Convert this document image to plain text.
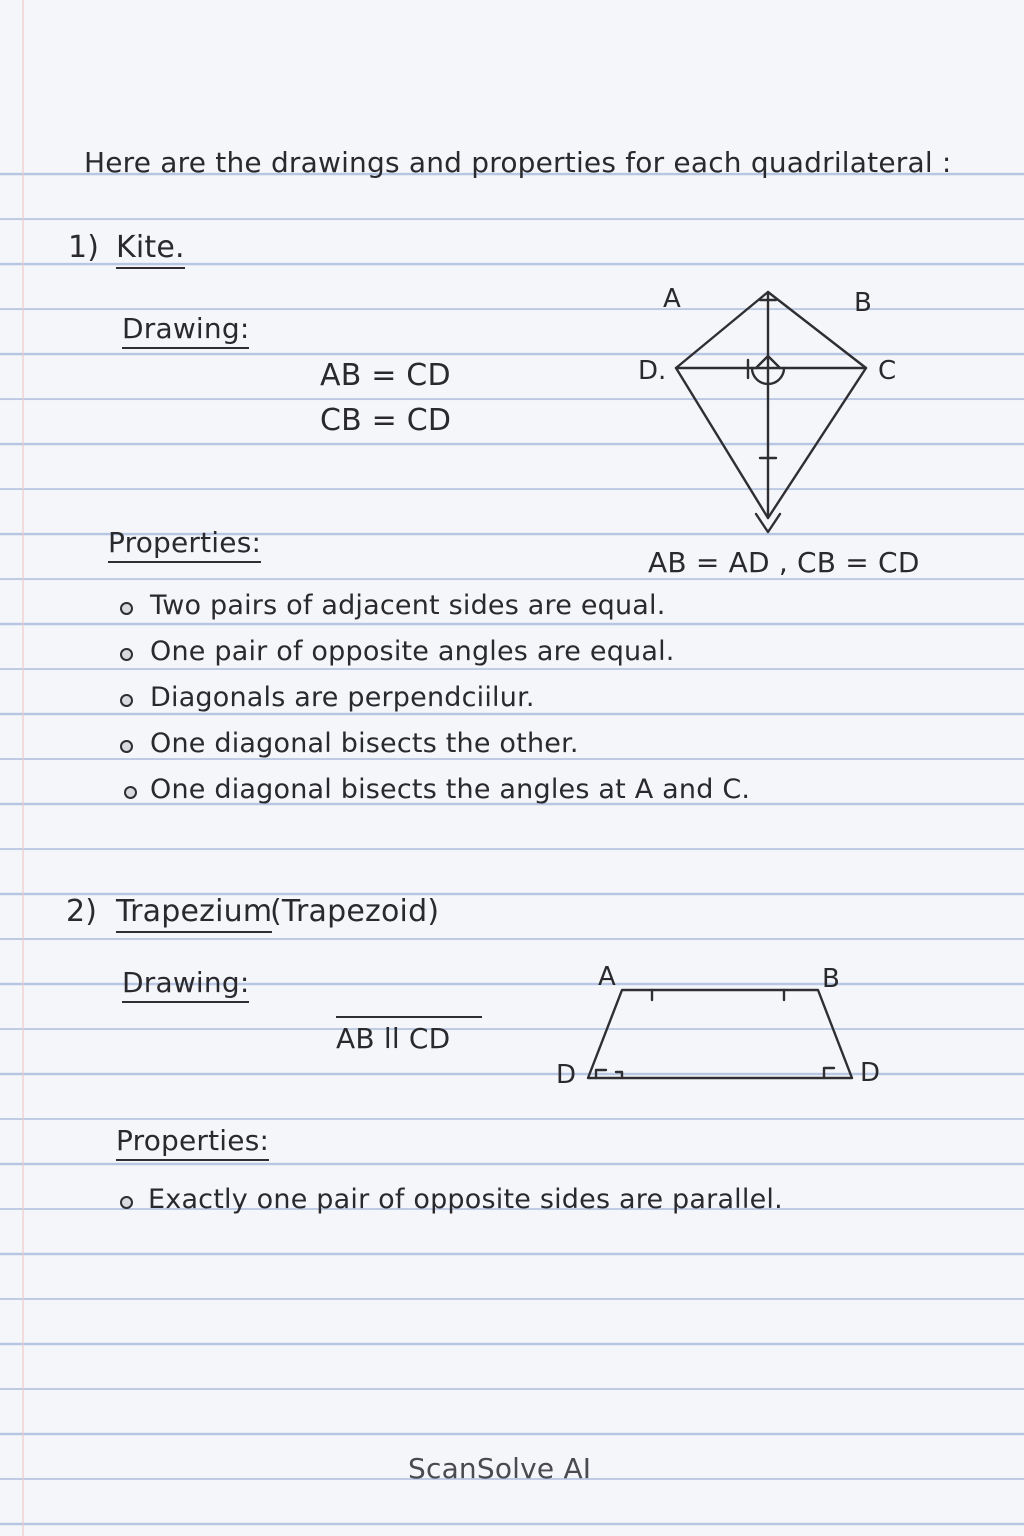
Here are the drawings and properties for each quadrilateral :
1) Kite.
Drawing:
AB = CD
CB = CD
A	B
C
D.
AB = AD , CB = CD
Properties:
Two pairs of adjacent sides are equal.
One pair of opposite angles are equal.
Diagonals are perpendciilur.
One diagonal bisects the other.
One diagonal bisects the angles at A and C.
2) Trapezium
(Trapezoid)
Drawing:
AB ll CD
A	B
D	D
Properties:
Exactly one pair of opposite sides are parallel.
ScanSolve AI
